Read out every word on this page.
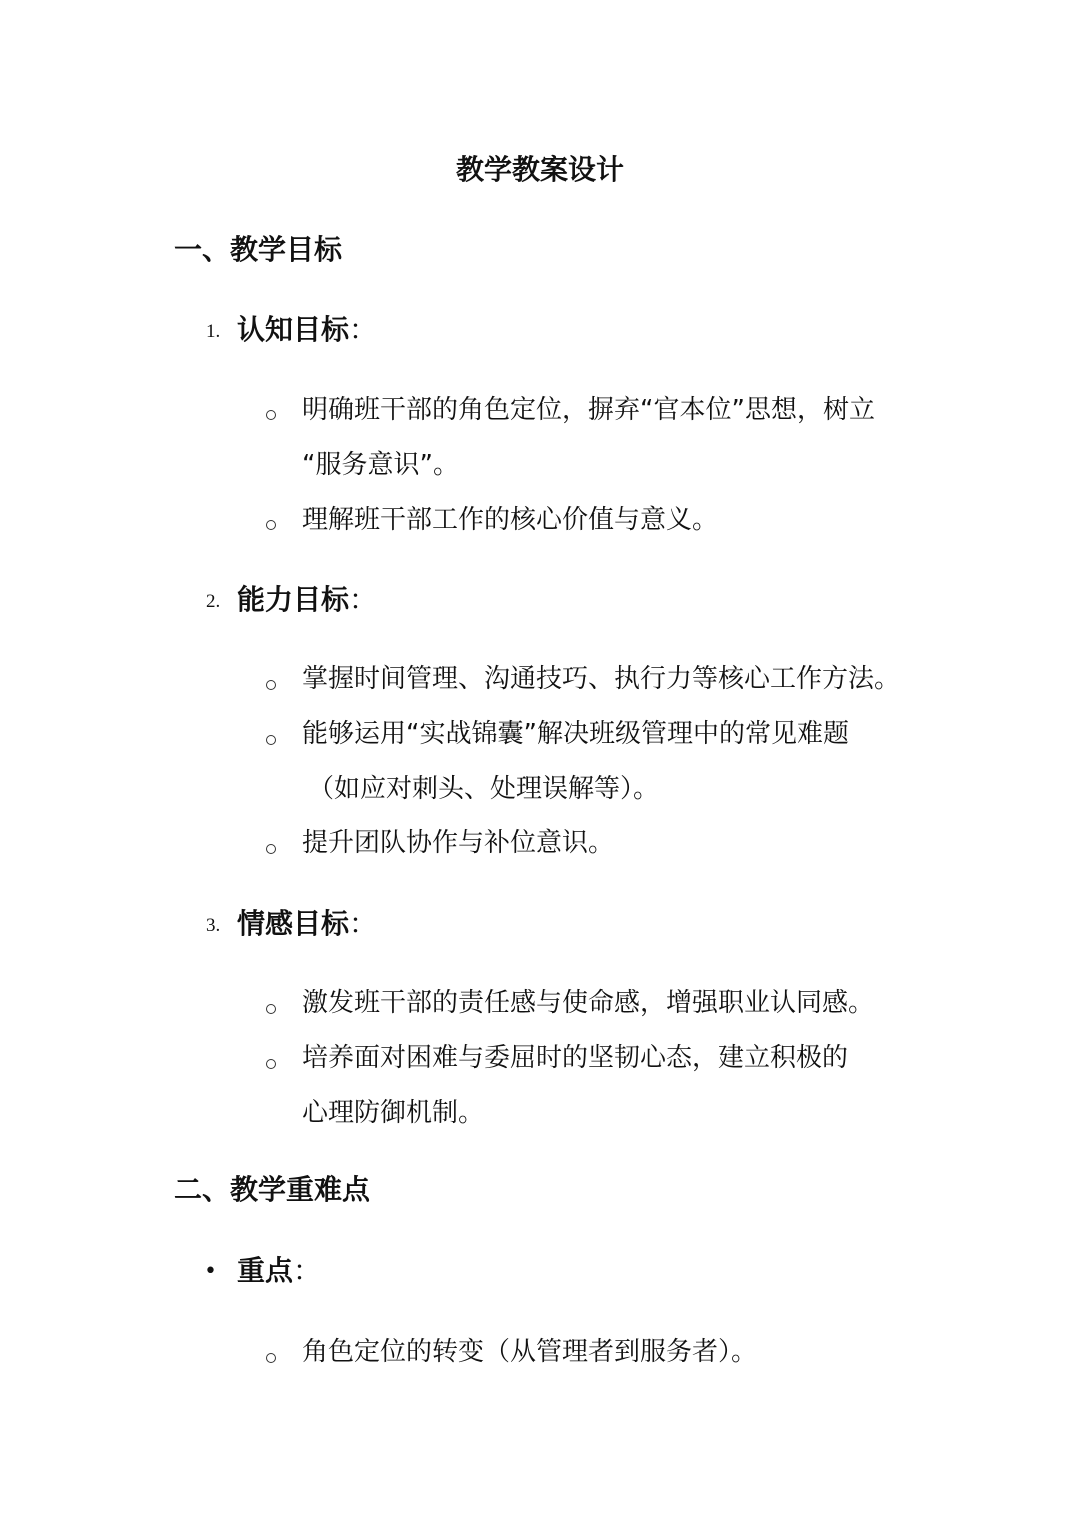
教学教案设计
一、教学目标
1. 认知目标：
明确班干部的角色定位，摒弃“官本位”思想，树立
“服务意识”。
理解班干部工作的核心价值与意义。
2. 能力目标：
掌握时间管理、沟通技巧、执行力等核心工作方法。
能够运用“实战锦囊”解决班级管理中的常见难题
（如应对刺头、处理误解等）。
提升团队协作与补位意识。
3. 情感目标：
激发班干部的责任感与使命感，增强职业认同感。
培养面对困难与委屈时的坚韧心态，建立积极的
心理防御机制。
二、教学重难点
• 重点：
角色定位的转变（从管理者到服务者）。
